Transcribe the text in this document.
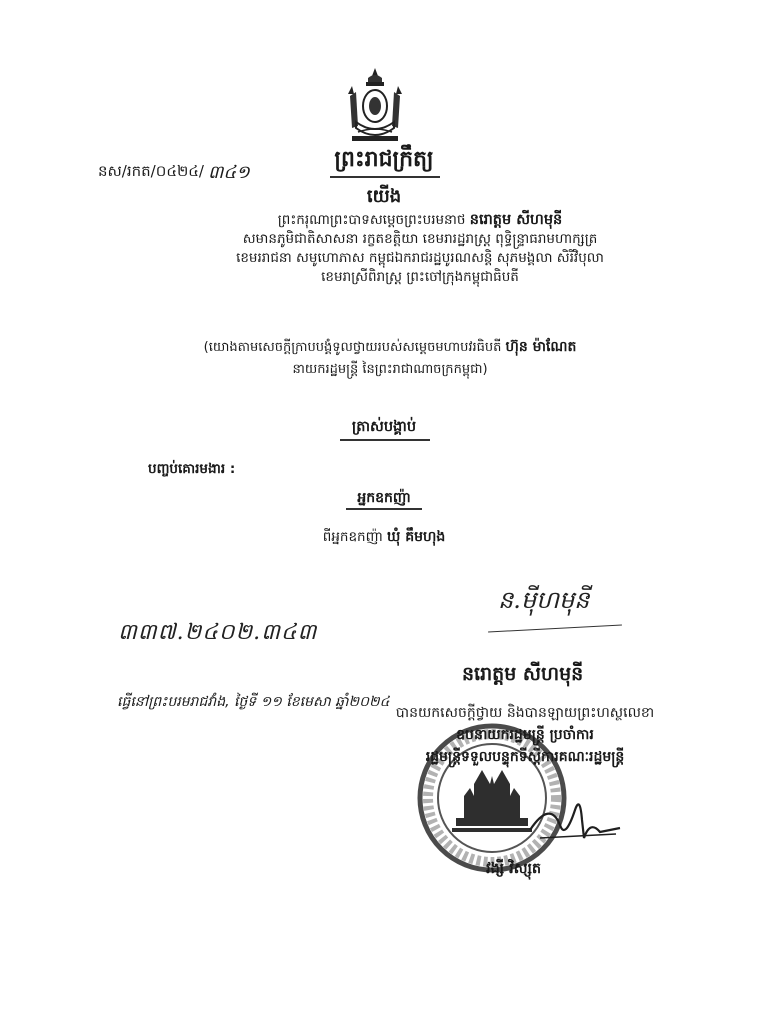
ព្រះរាជក្រឹត្យ
នស/រកត/០៤២៤/ ៣៤១
យើង
ព្រះករុណាព្រះបាទសម្តេចព្រះបរមនាថ នរោត្តម សីហមុនី
សមានភូមិជាតិសាសនា រក្ខតខត្តិយា ខេមរារដ្ឋរាស្ត្រ ពុទ្ធិន្ទ្រាធរាមហាក្សត្រ
ខេមររាជនា សមូហោភាស កម្ពុជឯករាជរដ្ឋបូរណសន្តិ សុភមង្គលា សិរីវិបុលា
ខេមរាស្រីពិរាស្ត្រ ព្រះចៅក្រុងកម្ពុជាធិបតី
(យោងតាមសេចក្តីក្រាបបង្គំទូលថ្វាយរបស់សម្តេចមហាបវរធិបតី ហ៊ុន ម៉ាណែត
នាយករដ្ឋមន្ត្រី នៃព្រះរាជាណាចក្រកម្ពុជា)
ត្រាស់បង្គាប់
បញ្ចប់គោរមងារ :
អ្នកឧកញ៉ា
ពីអ្នកឧកញ៉ា ឃុំ គឹមហុង
៣៣៧.២៤០២.៣៤៣
ន.ម៉ីហមុនី
នរោត្តម សីហមុនី
ធ្វើនៅព្រះបរមរាជវាំង, ថ្ងៃទី ១១ ខែមេសា ឆ្នាំ២០២៤
បានយកសេចក្តីថ្វាយ និងបានឡាយព្រះហស្ថលេខា
ឧបនាយករដ្ឋមន្ត្រី ប្រចាំការ
រដ្ឋមន្ត្រីទទួលបន្ទុកទីស្តីការគណៈរដ្ឋមន្ត្រី
វង្សី វិស្សុត
